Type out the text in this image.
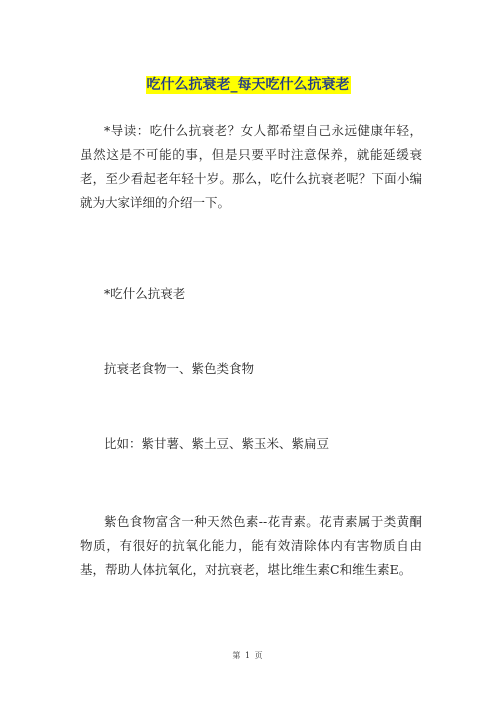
吃什么抗衰老_每天吃什么抗衰老

*导读：吃什么抗衰老？女人都希望自己永远健康年轻，虽然这是不可能的事，但是只要平时注意保养，就能延缓衰老，至少看起老年轻十岁。那么，吃什么抗衰老呢？下面小编就为大家详细的介绍一下。

*吃什么抗衰老

抗衰老食物一、紫色类食物

比如：紫甘薯、紫土豆、紫玉米、紫扁豆

紫色食物富含一种天然色素--花青素。花青素属于类黄酮物质，有很好的抗氧化能力，能有效清除体内有害物质自由基，帮助人体抗氧化，对抗衰老，堪比维生素C和维生素E。

第 1 页
